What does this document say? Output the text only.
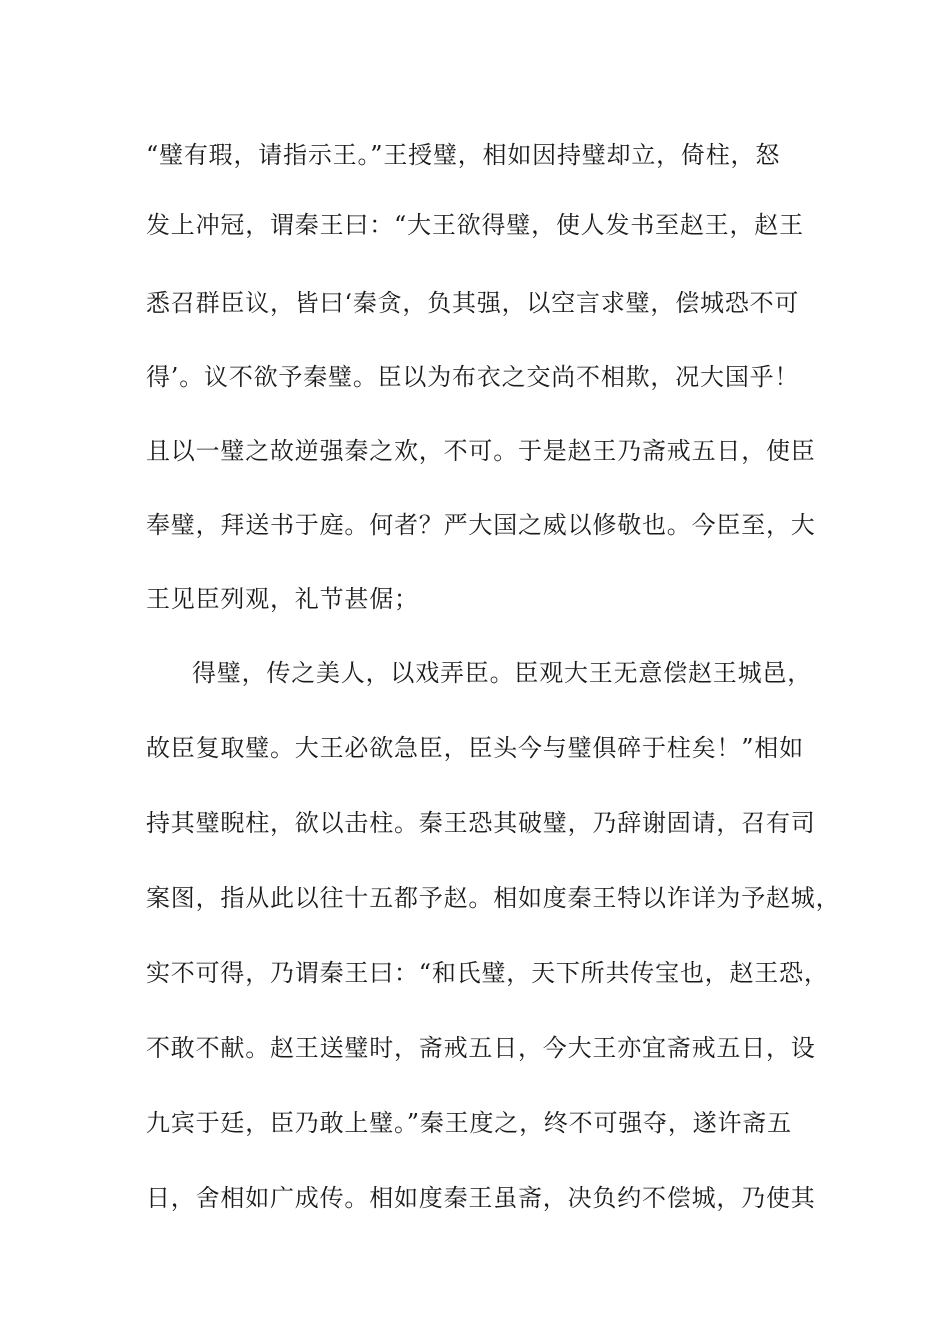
“璧有瑕，请指示王。”王授璧，相如因持璧却立，倚柱，怒
发上冲冠，谓秦王曰：“大王欲得璧，使人发书至赵王，赵王
悉召群臣议，皆曰‘秦贪，负其强，以空言求璧，偿城恐不可
得’。议不欲予秦璧。臣以为布衣之交尚不相欺，况大国乎！
且以一璧之故逆强秦之欢，不可。于是赵王乃斋戒五日，使臣
奉璧，拜送书于庭。何者？严大国之威以修敬也。今臣至，大
王见臣列观，礼节甚倨；
得璧，传之美人，以戏弄臣。臣观大王无意偿赵王城邑，
故臣复取璧。大王必欲急臣，臣头今与璧俱碎于柱矣！”相如
持其璧睨柱，欲以击柱。秦王恐其破璧，乃辞谢固请，召有司
案图，指从此以往十五都予赵。相如度秦王特以诈详为予赵城，
实不可得，乃谓秦王曰：“和氏璧，天下所共传宝也，赵王恐，
不敢不献。赵王送璧时，斋戒五日，今大王亦宜斋戒五日，设
九宾于廷，臣乃敢上璧。”秦王度之，终不可强夺，遂许斋五
日，舍相如广成传。相如度秦王虽斋，决负约不偿城，乃使其
